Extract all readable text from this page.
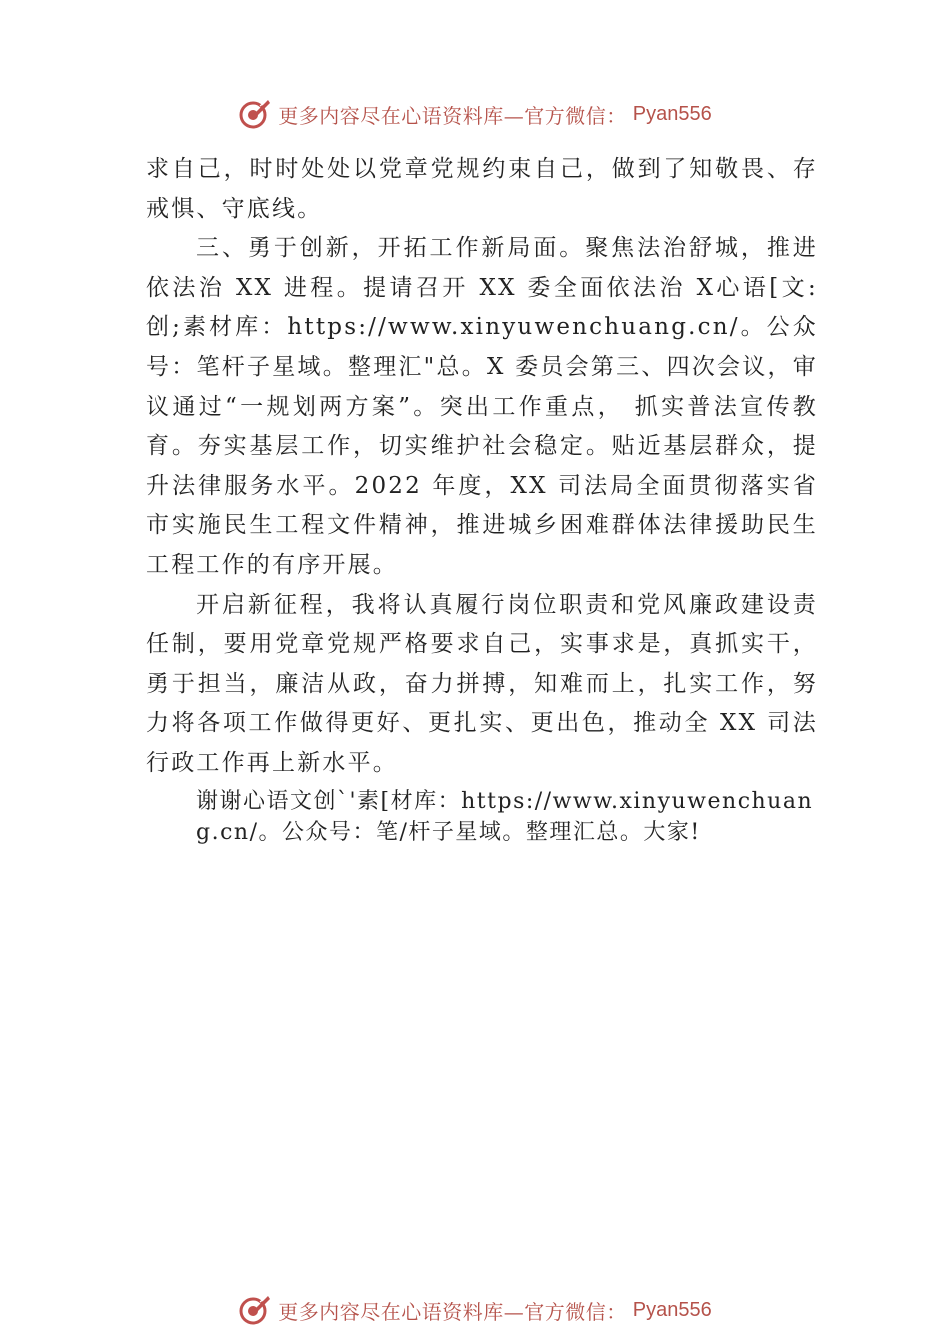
更多内容尽在心语资料库—官方微信： Pyan556

求自己，时时处处以党章党规约束自己，做到了知敬畏、存戒惧、守底线。

三、勇于创新，开拓工作新局面。聚焦法治舒城，推进依法治 XX 进程。提请召开 XX 委全面依法治 X心语[文:创;素材库：https://www.xinyuwenchuang.cn/。公众号：笔杆子星域。整理汇"总。X 委员会第三、四次会议，审议通过“一规划两方案”。突出工作重点， 抓实普法宣传教育。夯实基层工作，切实维护社会稳定。贴近基层群众，提升法律服务水平。2022 年度，XX 司法局全面贯彻落实省市实施民生工程文件精神，推进城乡困难群体法律援助民生工程工作的有序开展。

开启新征程，我将认真履行岗位职责和党风廉政建设责任制，要用党章党规严格要求自己，实事求是，真抓实干， 勇于担当，廉洁从政，奋力拼搏，知难而上，扎实工作，努力将各项工作做得更好、更扎实、更出色，推动全 XX 司法行政工作再上新水平。

谢谢心语文创`'素[材库：https://www.xinyuwenchuang.cn/。公众号：笔/杆子星域。整理汇总。大家!

更多内容尽在心语资料库—官方微信： Pyan556
